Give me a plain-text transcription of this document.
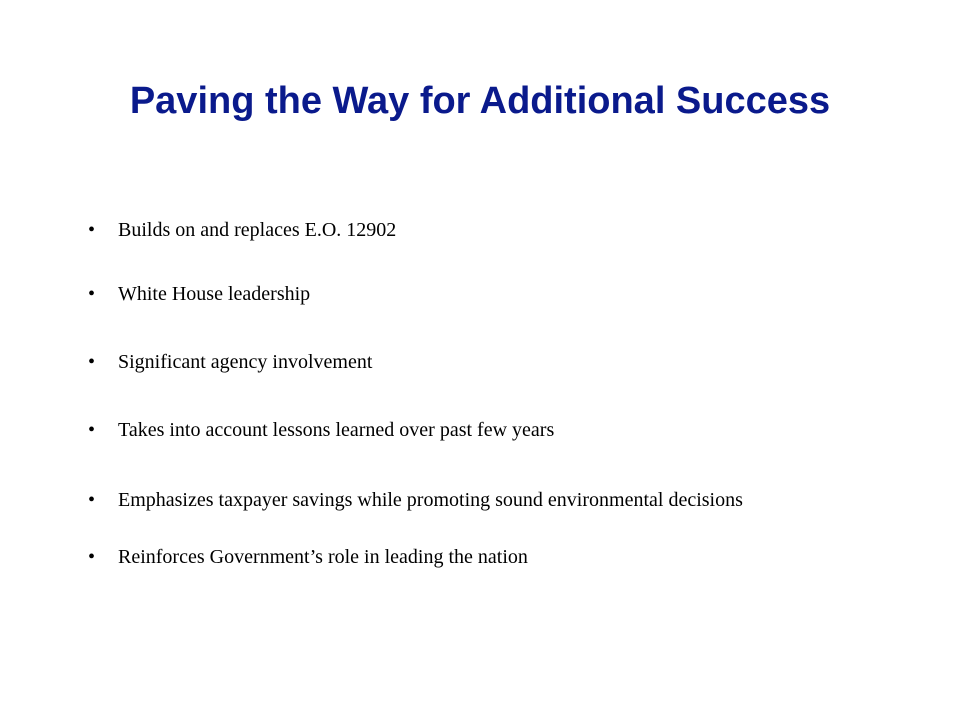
Paving the Way for Additional Success
• Builds on and replaces E.O. 12902
• White House leadership
• Significant agency involvement
• Takes into account lessons learned over past few years
• Emphasizes taxpayer savings while promoting sound environmental decisions
• Reinforces Government’s role in leading the nation
